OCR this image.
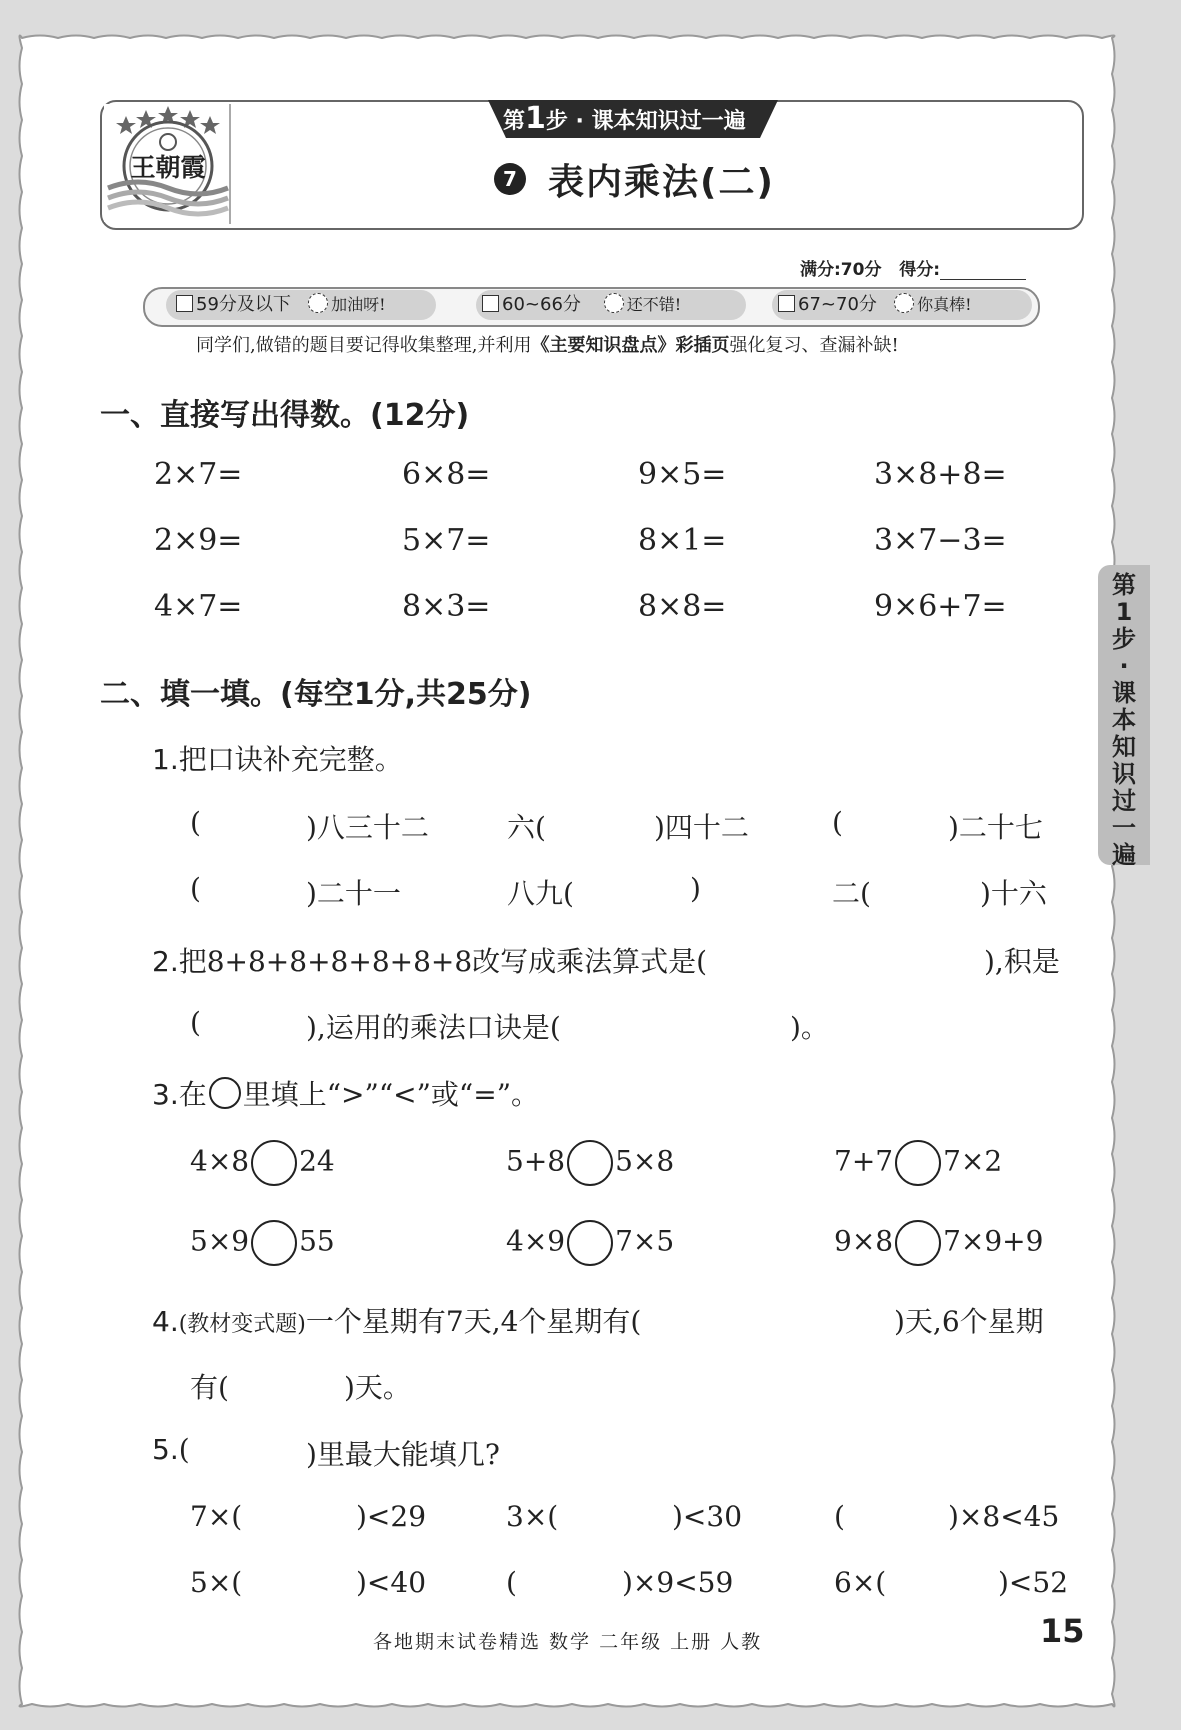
第1步·课本知识过一遍
王朝霞
第1步 · 课本知识过一遍
7 表内乘法(二)
满分:70分 得分:
59分及以下	加油呀!	60~66分	还不错!	67~70分	你真棒!
同学们,做错的题目要记得收集整理,并利用《主要知识盘点》彩插页强化复习、查漏补缺!
一、直接写出得数。(12分)
2×7=	6×8=	9×5=	3×8+8=
2×9=	5×7=	8×1=	3×7−3=
4×7=	8×3=	8×8=	9×6+7=
二、填一填。(每空1分,共25分)
1.把口诀补充完整。
(	)八三十二	六(	)四十二	(	)二十七
(	)二十一	八九(	)	二(	)十六
2.把8+8+8+8+8+8+8改写成乘法算式是(	),积是
(	),运用的乘法口诀是(	)。
3.在 里填上“>”“<”或“=”。
4×8 24	5+8 5×8	7+7 7×2
5×9 55	4×9 7×5	9×8 7×9+9
4.(教材变式题)一个星期有7天,4个星期有(	)天,6个星期
有(	)天。
5.(	)里最大能填几?
7×(	)<29	3×(	)<30	(	)×8<45
5×(	)<40	(	)×9<59	6×(	)<52
各地期末试卷精选 数学 二年级 上册 人教	15
